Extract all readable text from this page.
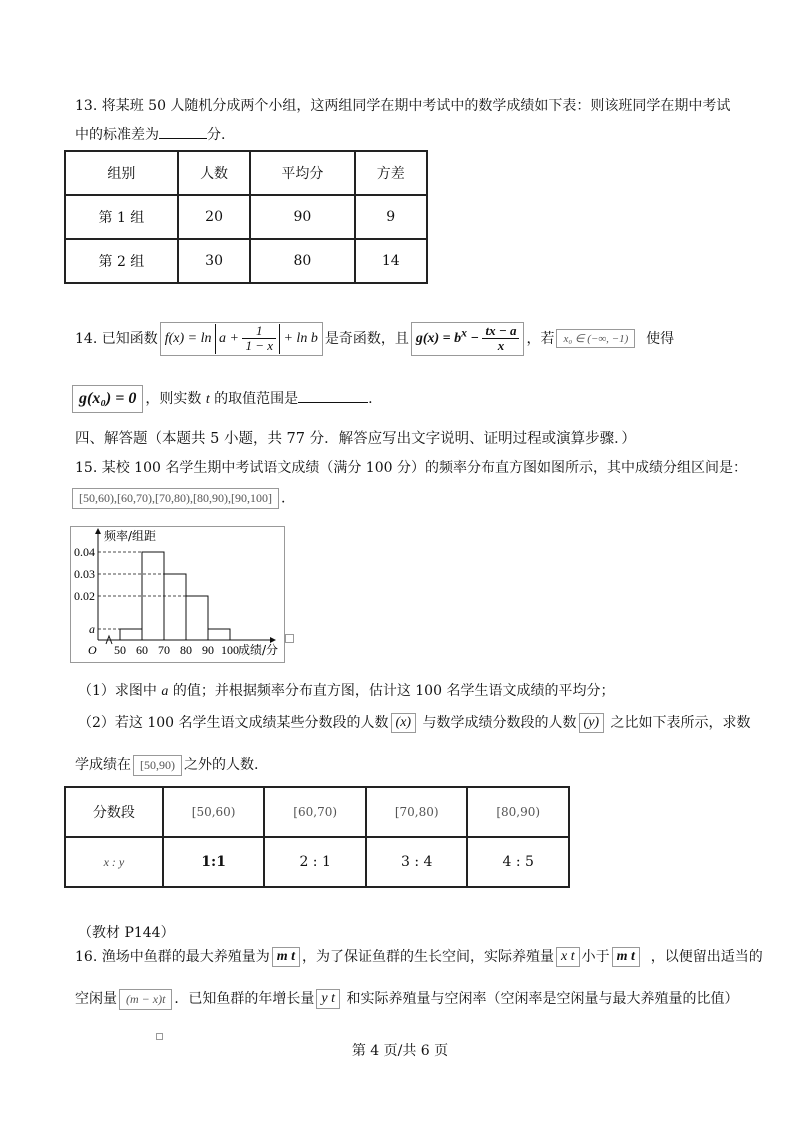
13. 将某班 50 人随机分成两个小组，这两组同学在期中考试中的数学成绩如下表：则该班同学在期中考试
中的标准差为	分.
组别	人数	平均分	方差
第 1 组	20	90	9
第 2 组	30	80	14
14. 已知函数 $f(x) = \ln a + \frac{1}{1 - x} + \ln b$ 是奇函数，且 $g(x) = b^x - \frac{tx - a}{x}$ ，若 x₀ ∈ (−∞, −1) 使得
g(x₀) = 0 ，则实数 t 的取值范围是	.
四、解答题（本题共 5 小题，共 77 分．解答应写出文字说明、证明过程或演算步骤．）
15. 某校 100 名学生期中考试语文成绩（满分 100 分）的频率分布直方图如图所示，其中成绩分组区间是：
[50,60),[60,70),[70,80),[80,90),[90,100] .
0.04
0.03
0.02
a
50 60 70 80 90 100
频率/组距
成绩/分
O
（1）求图中 a 的值；并根据频率分布直方图，估计这 100 名学生语文成绩的平均分；
（2）若这 100 名学生语文成绩某些分数段的人数 (x) 与数学成绩分数段的人数 (y) 之比如下表所示，求数
学成绩在 [50,90) 之外的人数.
分数段	[50,60)	[60,70)	[70,80)	[80,90)
x : y	1:1	2 : 1	3 : 4	4 : 5
（教材 P144）
16. 渔场中鱼群的最大养殖量为 m t ，为了保证鱼群的生长空间，实际养殖量 x t 小于 m t ，以便留出适当的
空闲量 (m − x)t ．已知鱼群的年增长量 y t 和实际养殖量与空闲率（空闲率是空闲量与最大养殖量的比值）
第 4 页/共 6 页
